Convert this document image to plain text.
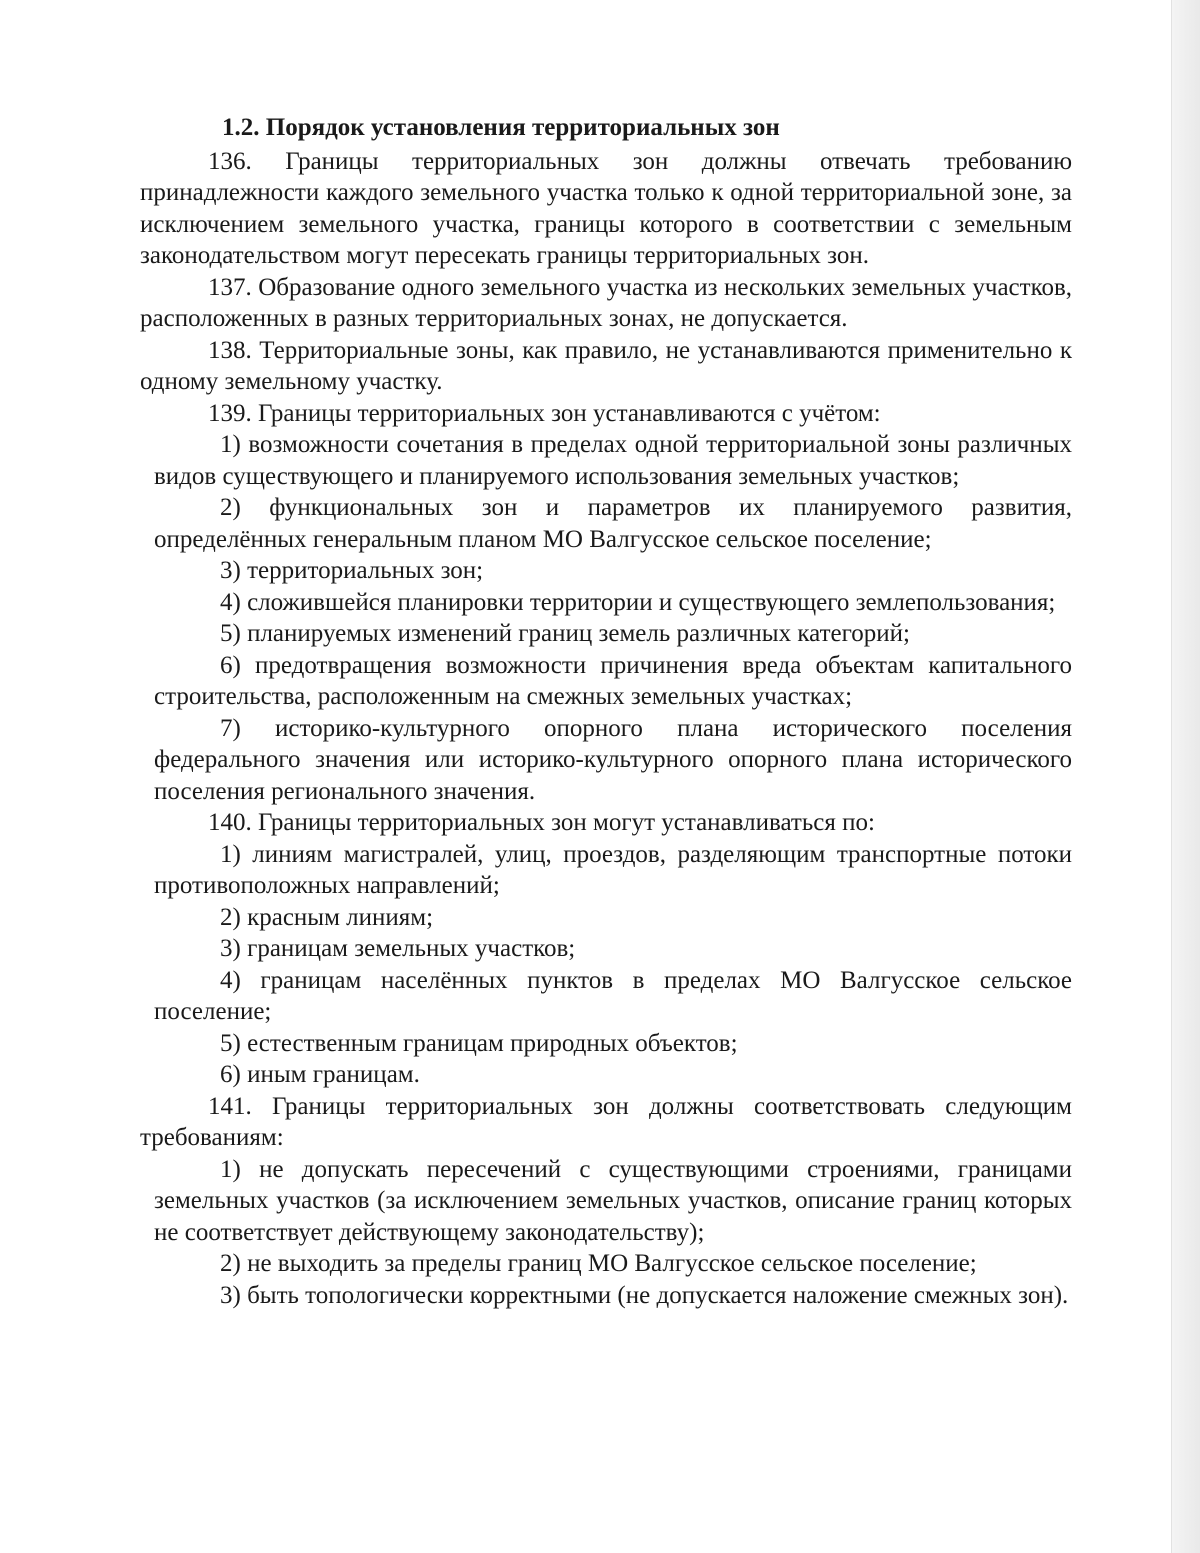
1.2. Порядок установления территориальных зон

136. Границы территориальных зон должны отвечать требованию принадлежности каждого земельного участка только к одной территориальной зоне, за исключением земельного участка, границы которого в соответствии с земельным законодательством могут пересекать границы территориальных зон.

137. Образование одного земельного участка из нескольких земельных участков, расположенных в разных территориальных зонах, не допускается.

138. Территориальные зоны, как правило, не устанавливаются применительно к одному земельному участку.

139. Границы территориальных зон устанавливаются с учётом:

1) возможности сочетания в пределах одной территориальной зоны различных видов существующего и планируемого использования земельных участков;

2) функциональных зон и параметров их планируемого развития, определённых генеральным планом МО Валгусское сельское поселение;

3) территориальных зон;

4) сложившейся планировки территории и существующего землепользования;

5) планируемых изменений границ земель различных категорий;

6) предотвращения возможности причинения вреда объектам капитального строительства, расположенным на смежных земельных участках;

7) историко-культурного опорного плана исторического поселения федерального значения или историко-культурного опорного плана исторического поселения регионального значения.

140. Границы территориальных зон могут устанавливаться по:

1) линиям магистралей, улиц, проездов, разделяющим транспортные потоки противоположных направлений;

2) красным линиям;

3) границам земельных участков;

4) границам населённых пунктов в пределах МО Валгусское сельское поселение;

5) естественным границам природных объектов;

6) иным границам.

141. Границы территориальных зон должны соответствовать следующим требованиям:

1) не допускать пересечений с существующими строениями, границами земельных участков (за исключением земельных участков, описание границ которых не соответствует действующему законодательству);

2) не выходить за пределы границ МО Валгусское сельское поселение;

3) быть топологически корректными (не допускается наложение смежных зон).
